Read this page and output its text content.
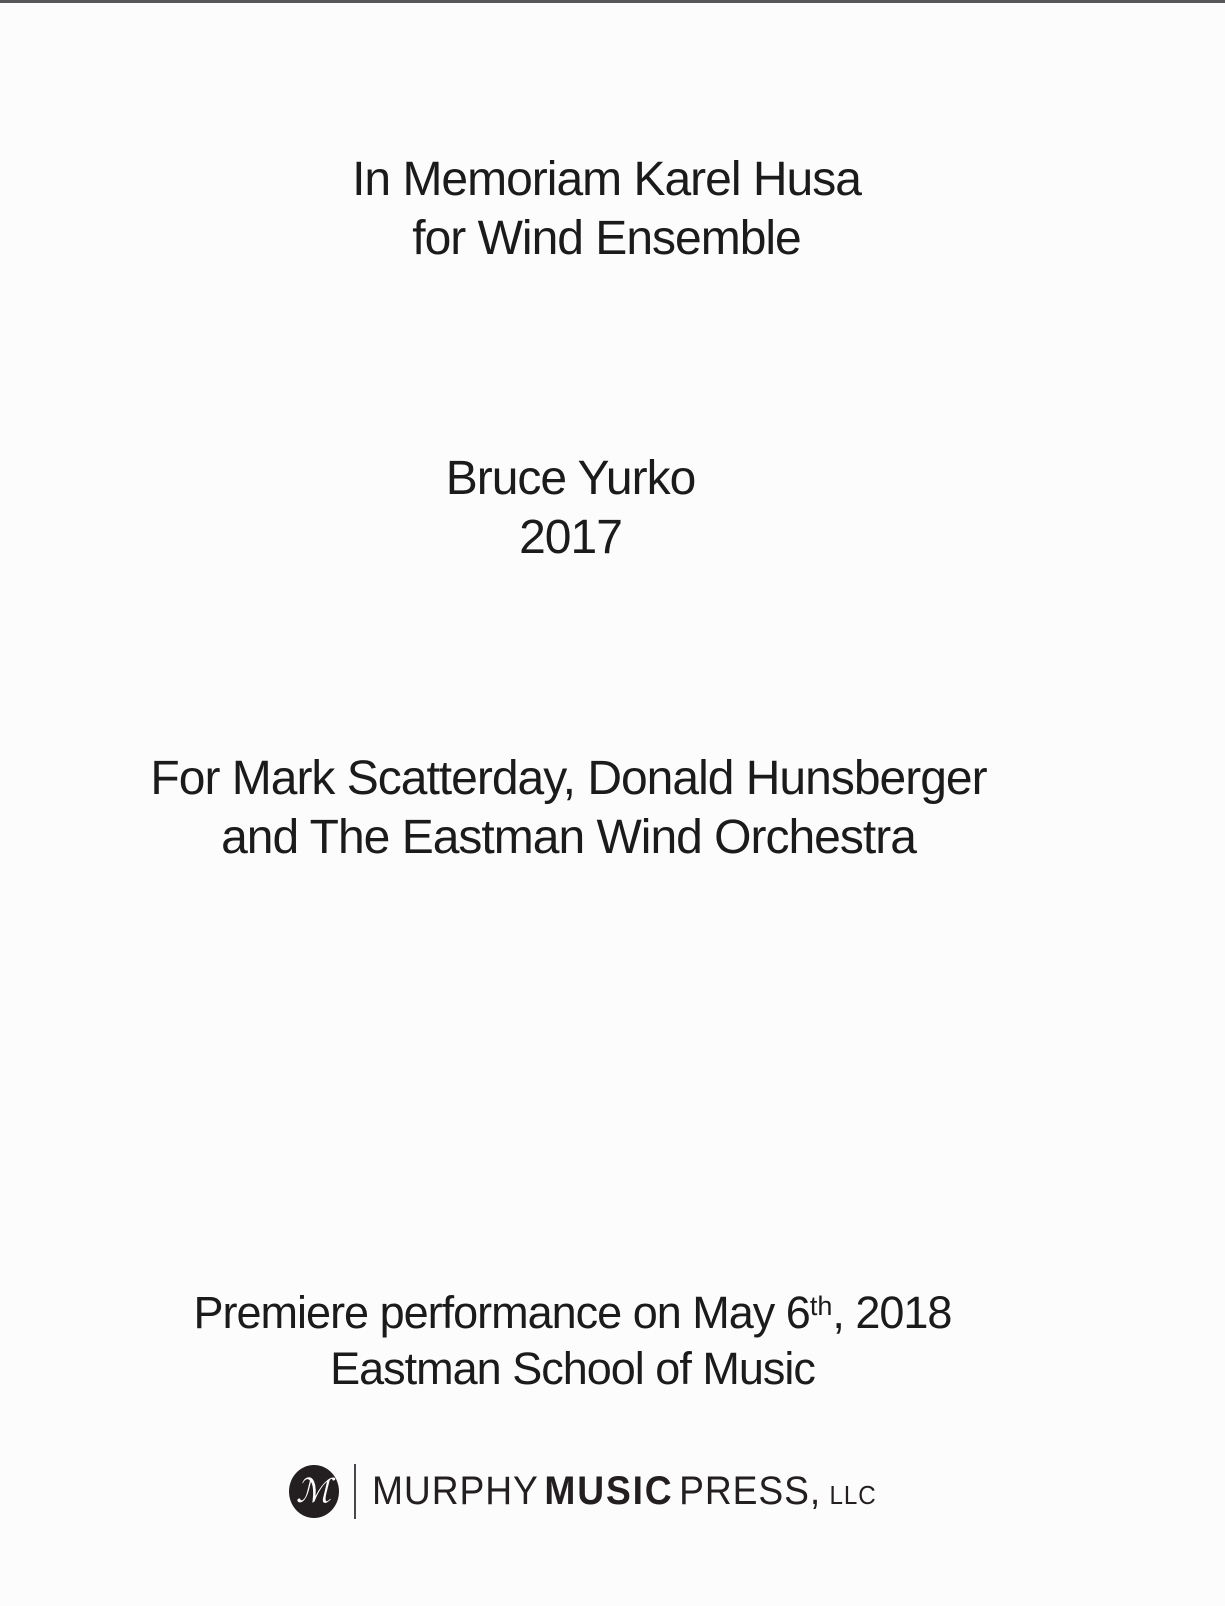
In Memoriam Karel Husa
for Wind Ensemble
Bruce Yurko
2017
For Mark Scatterday, Donald Hunsberger
and The Eastman Wind Orchestra
Premiere performance on May 6th, 2018
Eastman School of Music
ℳ MURPHY MUSIC PRESS, LLC
